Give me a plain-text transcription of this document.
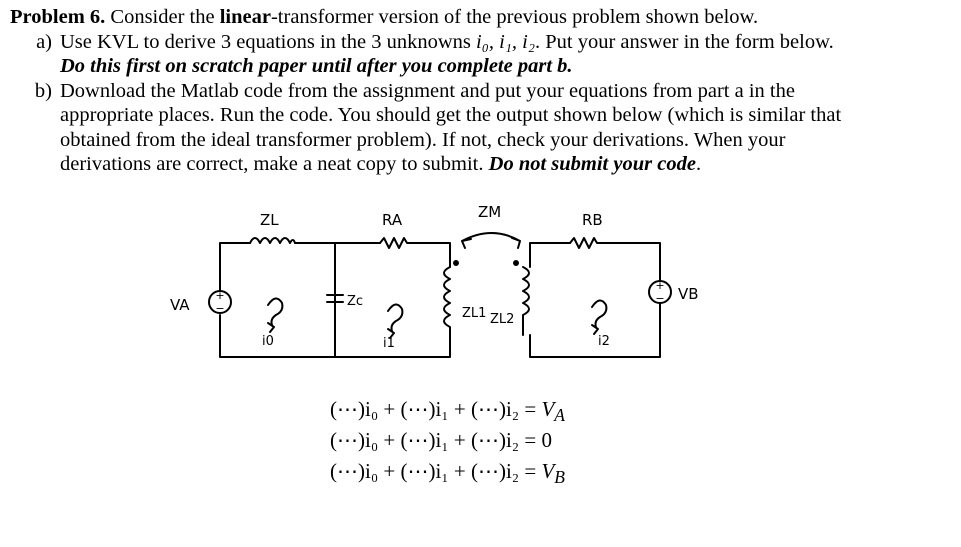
Problem 6. Consider the linear-transformer version of the previous problem shown below.
a) Use KVL to derive 3 equations in the 3 unknowns i₀, i₁, i₂. Put your answer in the form below.
Do this first on scratch paper until after you complete part b.
b) Download the Matlab code from the assignment and put your equations from part a in the
appropriate places. Run the code. You should get the output shown below (which is similar that
obtained from the ideal transformer problem). If not, check your derivations. When your
derivations are correct, make a neat copy to submit. Do not submit your code.
+
−
+
−
ZL	RA	ZM	RB
VA
VB
Zc
ZL1 ZL2
i0	i1	i2
(⋯)i₀ + (⋯)i₁ + (⋯)i₂ = $V_A$
(⋯)i₀ + (⋯)i₁ + (⋯)i₂ = 0
(⋯)i₀ + (⋯)i₁ + (⋯)i₂ = $V_B$
